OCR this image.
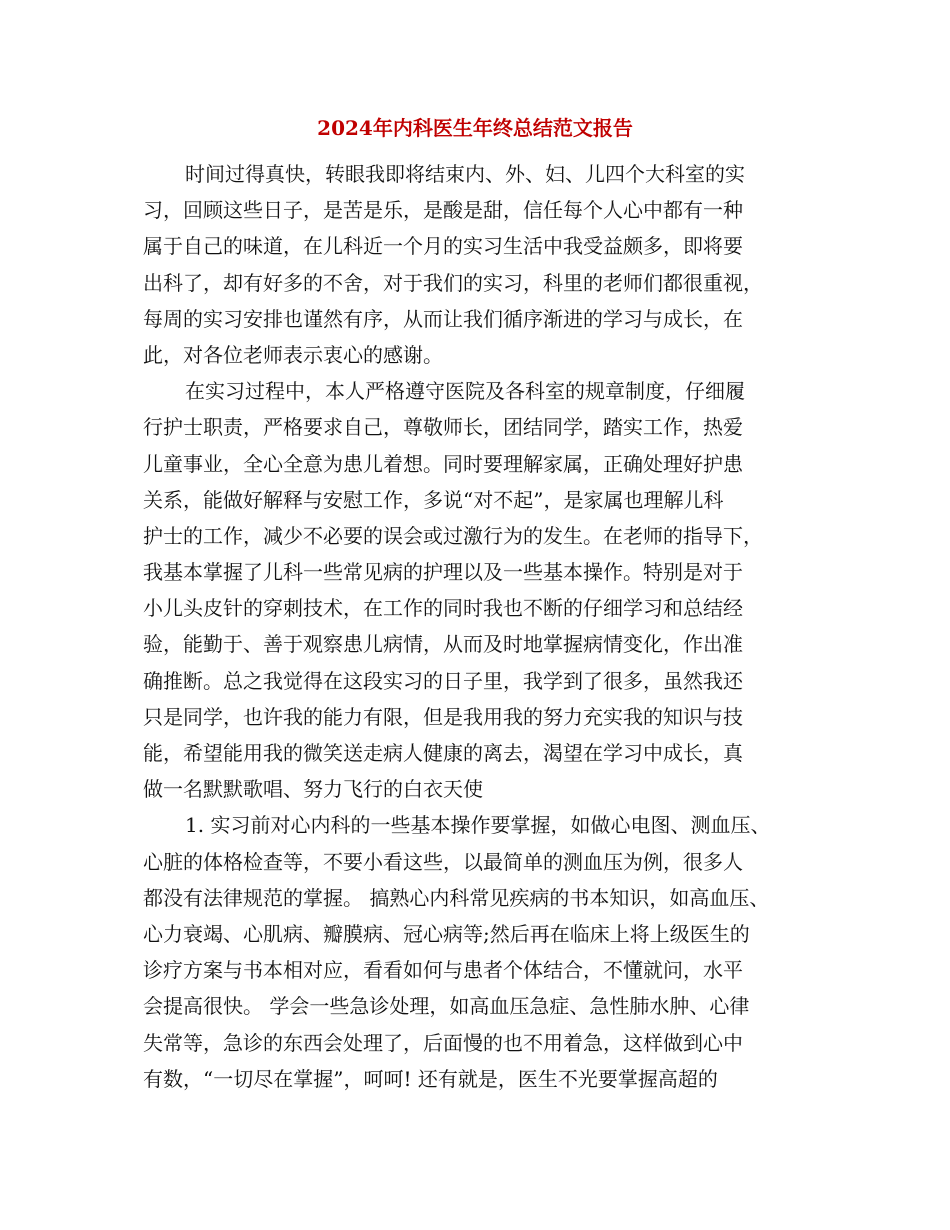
2024年内科医生年终总结范文报告
时间过得真快，转眼我即将结束内、外、妇、儿四个大科室的实
习，回顾这些日子，是苦是乐，是酸是甜，信任每个人心中都有一种
属于自己的味道，在儿科近一个月的实习生活中我受益颇多，即将要
出科了，却有好多的不舍，对于我们的实习，科里的老师们都很重视，
每周的实习安排也谨然有序，从而让我们循序渐进的学习与成长，在
此，对各位老师表示衷心的感谢。
在实习过程中，本人严格遵守医院及各科室的规章制度，仔细履
行护士职责，严格要求自己，尊敬师长，团结同学，踏实工作，热爱
儿童事业，全心全意为患儿着想。同时要理解家属，正确处理好护患
关系，能做好解释与安慰工作，多说“对不起”，是家属也理解儿科
护士的工作，减少不必要的误会或过激行为的发生。在老师的指导下，
我基本掌握了儿科一些常见病的护理以及一些基本操作。特别是对于
小儿头皮针的穿刺技术，在工作的同时我也不断的仔细学习和总结经
验，能勤于、善于观察患儿病情，从而及时地掌握病情变化，作出准
确推断。总之我觉得在这段实习的日子里，我学到了很多，虽然我还
只是同学，也许我的能力有限，但是我用我的努力充实我的知识与技
能，希望能用我的微笑送走病人健康的离去，渴望在学习中成长，真
做一名默默歌唱、努力飞行的白衣天使
1. 实习前对心内科的一些基本操作要掌握，如做心电图、测血压、
心脏的体格检查等，不要小看这些，以最简单的测血压为例，很多人
都没有法律规范的掌握。 搞熟心内科常见疾病的书本知识，如高血压、
心力衰竭、心肌病、瓣膜病、冠心病等;然后再在临床上将上级医生的
诊疗方案与书本相对应，看看如何与患者个体结合，不懂就问，水平
会提高很快。 学会一些急诊处理，如高血压急症、急性肺水肿、心律
失常等，急诊的东西会处理了，后面慢的也不用着急，这样做到心中
有数，“一切尽在掌握”，呵呵! 还有就是，医生不光要掌握高超的
